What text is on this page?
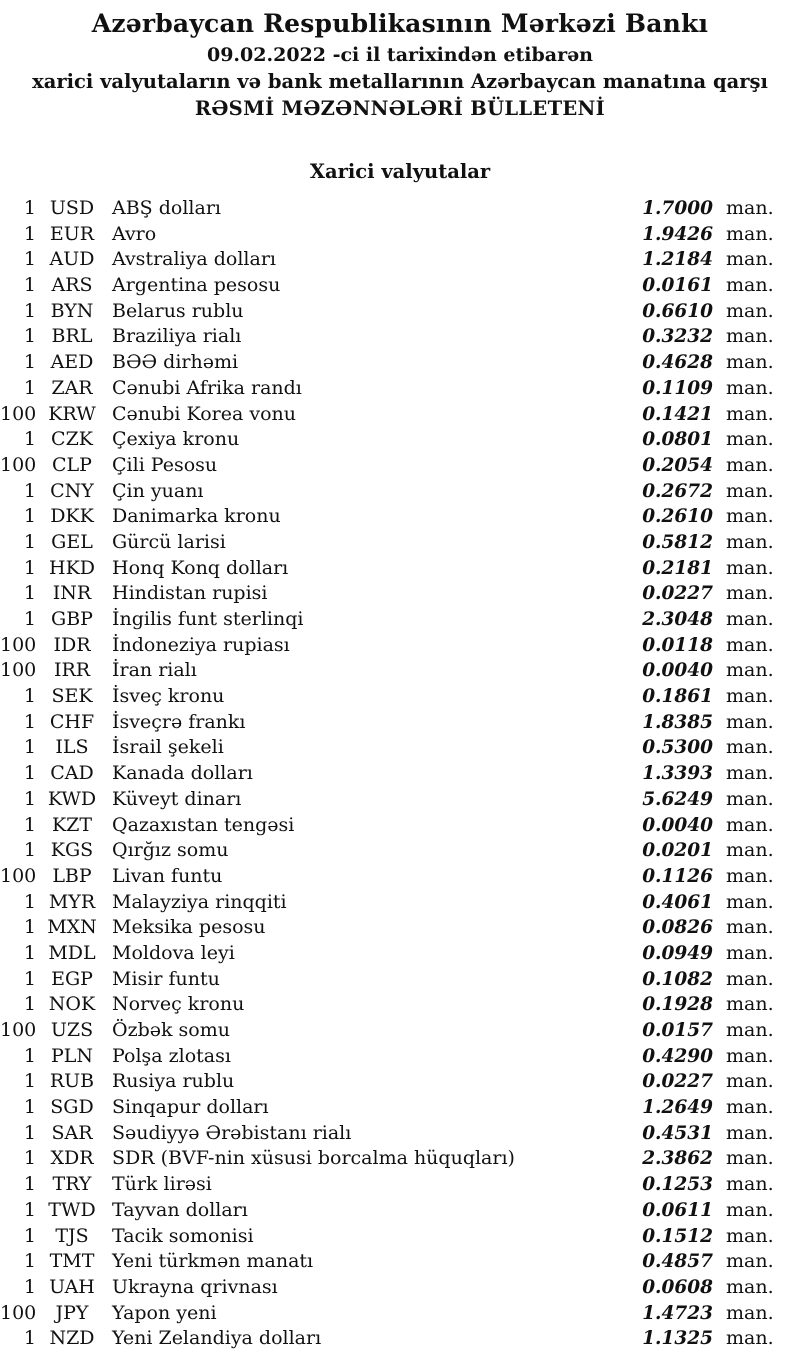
Azərbaycan Respublikasının Mərkəzi Bankı
09.02.2022 -ci il tarixindən etibarən
xarici valyutaların və bank metallarının Azərbaycan manatına qarşı
RƏSMİ MƏZƏNNƏLƏRİ BÜLLETENİ
Xarici valyutalar
1 USD ABŞ dolları	1.7000 man.
1 EUR Avro	1.9426 man.
1 AUD Avstraliya dolları	1.2184 man.
1 ARS	Argentina pesosu	0.0161 man.
1 BYN Belarus rublu	0.6610 man.
1 BRL	Braziliya rialı	0.3232 man.
1 AED BƏƏ dirhəmi	0.4628 man.
1 ZAR	Cənubi Afrika randı	0.1109 man.
100 KRW Cənubi Korea vonu	0.1421 man.
1 CZK	Çexiya kronu	0.0801 man.
100 CLP	Çili Pesosu	0.2054 man.
1 CNY Çin yuanı	0.2672 man.
1 DKK Danimarka kronu	0.2610 man.
1 GEL	Gürcü larisi	0.5812 man.
1 HKD Honq Konq dolları	0.2181 man.
1 INR	Hindistan rupisi	0.0227 man.
1 GBP	İngilis funt sterlinqi	2.3048 man.
100 IDR	İndoneziya rupiası	0.0118 man.
100 IRR	İran rialı	0.0040 man.
1 SEK	İsveç kronu	0.1861 man.
1 CHF İsveçrə frankı	1.8385 man.
1	ILS	İsrail şekeli	0.5300 man.
1 CAD Kanada dolları	1.3393 man.
1 KWD Küveyt dinarı	5.6249 man.
1 KZT	Qazaxıstan tengəsi	0.0040 man.
1 KGS Qırğız somu	0.0201 man.
100 LBP	Livan funtu	0.1126 man.
1 MYR Malayziya rinqqiti	0.4061 man.
1 MXN Meksika pesosu	0.0826 man.
1 MDL Moldova leyi	0.0949 man.
1 EGP	Misir funtu	0.1082 man.
1 NOK Norveç kronu	0.1928 man.
100 UZS Özbək somu	0.0157 man.
1 PLN Polşa zlotası	0.4290 man.
1 RUB Rusiya rublu	0.0227 man.
1 SGD Sinqapur dolları	1.2649 man.
1 SAR	Səudiyyə Ərəbistanı rialı	0.4531 man.
1 XDR SDR (BVF-nin xüsusi borcalma hüquqları)	2.3862 man.
1 TRY	Türk lirəsi	0.1253 man.
1 TWD Tayvan dolları	0.0611 man.
1	TJS	Tacik somonisi	0.1512 man.
1 TMT Yeni türkmən manatı	0.4857 man.
1 UAH Ukrayna qrivnası	0.0608 man.
100	JPY	Yapon yeni	1.4723 man.
1 NZD Yeni Zelandiya dolları	1.1325 man.
